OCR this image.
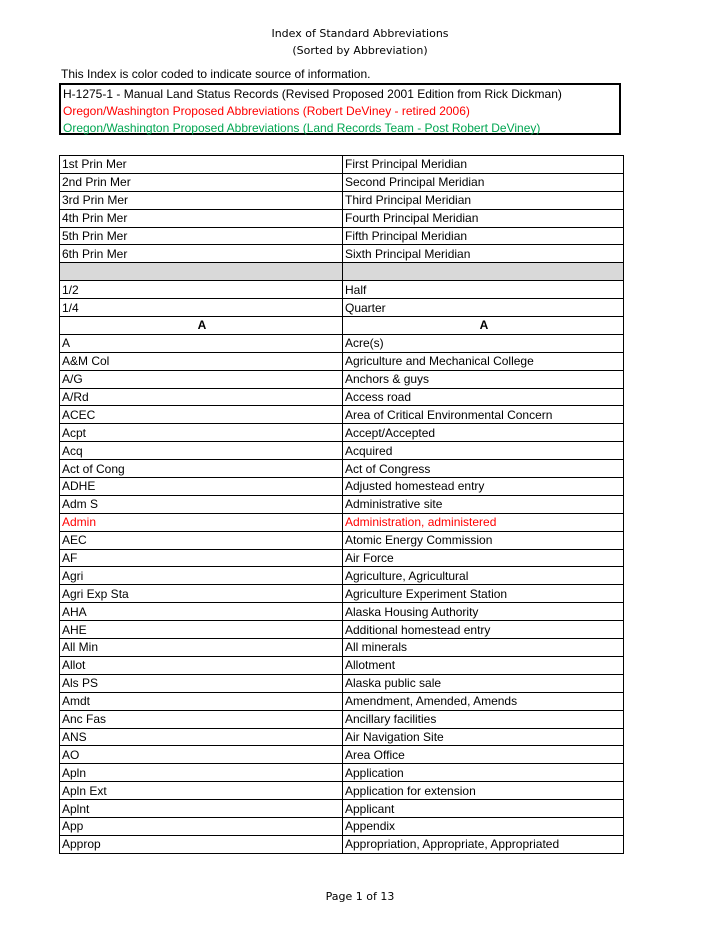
Index of Standard Abbreviations
(Sorted by Abbreviation)
This Index is color coded to indicate source of information.
H-1275-1 - Manual Land Status Records (Revised Proposed 2001 Edition from Rick Dickman)
Oregon/Washington Proposed Abbreviations (Robert DeViney - retired 2006)
Oregon/Washington Proposed Abbreviations (Land Records Team - Post Robert DeViney)
1st Prin Mer	First Principal Meridian
2nd Prin Mer	Second Principal Meridian
3rd Prin Mer	Third Principal Meridian
4th Prin Mer	Fourth Principal Meridian
5th Prin Mer	Fifth Principal Meridian
6th Prin Mer	Sixth Principal Meridian

1/2	Half
1/4	Quarter
A	A
A	Acre(s)
A&M Col	Agriculture and Mechanical College
A/G	Anchors & guys
A/Rd	Access road
ACEC	Area of Critical Environmental Concern
Acpt	Accept/Accepted
Acq	Acquired
Act of Cong	Act of Congress
ADHE	Adjusted homestead entry
Adm S	Administrative site
Admin	Administration, administered
AEC	Atomic Energy Commission
AF	Air Force
Agri	Agriculture, Agricultural
Agri Exp Sta	Agriculture Experiment Station
AHA	Alaska Housing Authority
AHE	Additional homestead entry
All Min	All minerals
Allot	Allotment
Als PS	Alaska public sale
Amdt	Amendment, Amended, Amends
Anc Fas	Ancillary facilities
ANS	Air Navigation Site
AO	Area Office
Apln	Application
Apln Ext	Application for extension
Aplnt	Applicant
App	Appendix
Approp	Appropriation, Appropriate, Appropriated
Page 1 of 13
